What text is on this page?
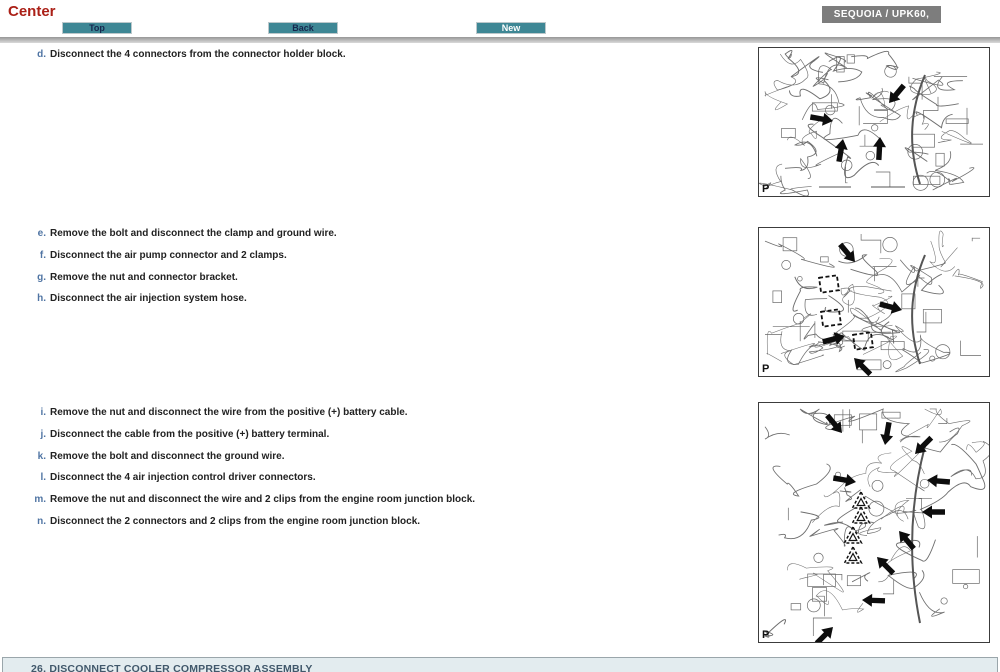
Center	SEQUOIA / UPK60,
Top	Back	New
d. Disconnect the 4 connectors from the connector holder block.
e. Remove the bolt and disconnect the clamp and ground wire.
f. Disconnect the air pump connector and 2 clamps.
g. Remove the nut and connector bracket.
h. Disconnect the air injection system hose.
i. Remove the nut and disconnect the wire from the positive (+) battery cable.
j. Disconnect the cable from the positive (+) battery terminal.
k. Remove the bolt and disconnect the ground wire.
l. Disconnect the 4 air injection control driver connectors.
m. Remove the nut and disconnect the wire and 2 clips from the engine room junction block.
n. Disconnect the 2 connectors and 2 clips from the engine room junction block.
P
P
P
26. DISCONNECT COOLER COMPRESSOR ASSEMBLY
